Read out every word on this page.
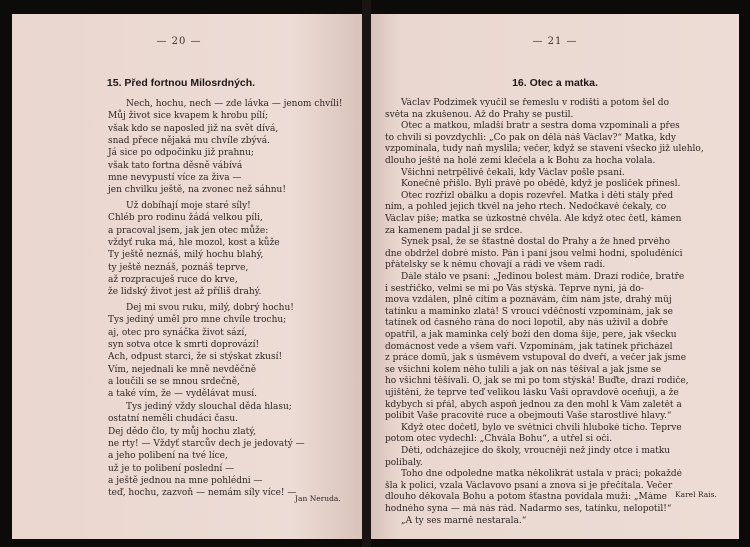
— 20 —
15. Před fortnou Milosrdných.
Nech, hochu, nech — zde lávka — jenom chvíli!
Můj život sice kvapem k hrobu pílí;
však kdo se naposled již na svět dívá,
snad přece nějaká mu chvíle zbývá.
Já sice po odpočinku již prahnu;
však tato fortna děsně vábívá
mne nevypustí více za živa —
jen chvilku ještě, na zvonec než sáhnu!
Už dobíhají moje staré síly!
Chléb pro rodinu žádá velkou píli,
a pracoval jsem, jak jen otec může:
vždyť ruka má, hle mozol, kost a kůže
Ty ještě neznáš, milý hochu blahý,
ty ještě neznáš, poznáš teprve,
až rozpracuješ ruce do krve,
že lidský život jest až příliš drahý.
Dej mi svou ruku, milý, dobrý hochu!
Tys jediný uměl pro mne chvíle trochu;
aj, otec pro synáčka život sází,
syn sotva otce k smrti doprovází!
Ach, odpust starci, že si stýskat zkusí!
Vím, nejednali ke mně nevděčně
a loučili se se mnou srdečně,
a také vím, že — vydělávat musí.
Tys jediný vždy slouchal děda hlasu;
ostatní neměli chudáci času.
Dej dědo člo, ty můj hochu zlatý,
ne rty! — Vždyť starcův dech je jedovatý —
a jeho polibení na tvé líce,
už je to polibení poslední —
a ještě jednou na mne pohlédni —
teď, hochu, zazvoň — nemám síly více! —
Jan Neruda.
— 21 —
16. Otec a matka.
Václav Podzimek vyučil se řemeslu v rodišti a potom šel do
světa na zkušenou. Až do Prahy se pustil.
Otec a matkou, mladší bratr a sestra doma vzpomínali a přes
to chvíli si povzdychli: „Co pak on dělá náš Václav?“ Matka, kdy
vzpomínala, tudy naň myslila; večer, když se stavení všecko již ulehlo,
dlouho ještě na holé zemi klečela a k Bohu za hocha volala.
Všichni netrpělivě čekali, kdy Václav pošle psaní.
Konečně přišlo. Byli právě po obědě, když je posliček přinesl.
Otec rozřízl obálku a dopis rozevřel. Matka i děti stály před
ním, a pohled jejich tkvěl na jeho rtech. Nedočkavě čekaly, co
Václav píše; matka se úzkostně chvěla. Ale když otec četl, kámen
za kamenem padal jí se srdce.
Synek psal, že se šťastně dostal do Prahy a že hned prvého
dne obdržel dobré místo. Pán i paní jsou velmi hodní, spoluděníci
přátelsky se k němu chovají a rádi ve všem radí.
Dále stálo ve psaní: „Jedinou bolest mám. Drazí rodiče, bratře
i sestřičko, velmi se mi po Vás stýská. Teprve nyní, já do-
mova vzdálen, plně cítím a poznávám, čím nám jste, drahý můj
tatínku a maminko zlatá! S vroucí vděčností vzpomínám, jak se
tatínek od časného rána do noci lopotil, aby nás uživil a dobře
opatřil, a jak maminka celý boží den doma šije, pere, jak všecku
domácnost vede a všem vaří. Vzpomínám, jak tatínek přicházel
z práce domů, jak s úsměvem vstupoval do dveří, a večer jak jsme
se všichni kolem něho tulili a jak on nás těšíval a jak jsme se
ho všichni těšívali. Ó, jak se mi po tom stýská! Buďte, drazí rodiče,
ujištěni, že teprve teď velikou lásku Vaši opravdově oceňuji, a že
kdybych si přál, abych aspoň jednou za den mohl k Vám zaletět a
políbit Vaše pracovité ruce a obejmouti Vaše starostlivé hlavy.“
Když otec dočetl, bylo ve světnici chvíli hluboké ticho. Teprve
potom otec vydechl: „Chvála Bohu“, a utřel si oči.
Děti, odcházejíce do školy, vroucněji než jindy otce i matku
políbaly.
Toho dne odpoledne matka několikrát ustala v práci; pokaždé
šla k polici, vzala Václavovo psaní a znova si je přečítala. Večer
dlouho děkovala Bohu a potom šťastna povídala muži: „Máme
hodného syna — má nás rád. Nadarmo ses, tatínku, nelopotil!“
„A ty ses marně nestarala.“
Karel Rais.
